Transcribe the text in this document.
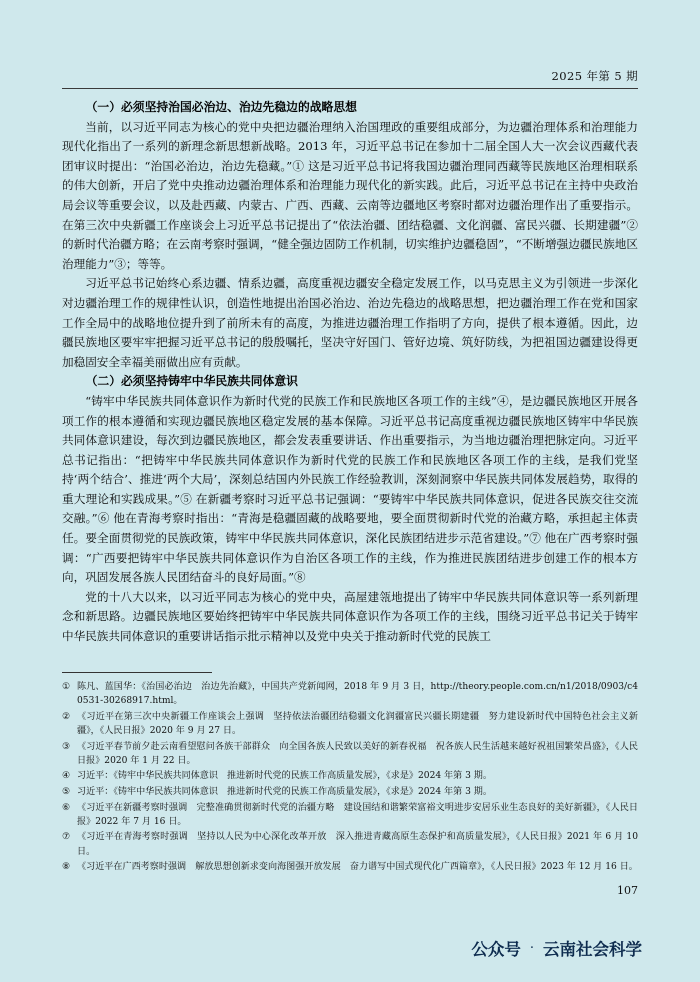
2025 年第 5 期

（一）必须坚持治国必治边、治边先稳边的战略思想

当前，以习近平同志为核心的党中央把边疆治理纳入治国理政的重要组成部分，为边疆治理体系和治理能力现代化指出了一系列的新理念新思想新战略。2013 年，习近平总书记在参加十二届全国人大一次会议西藏代表团审议时提出：“治国必治边，治边先稳藏。”① 这是习近平总书记将我国边疆治理同西藏等民族地区治理相联系的伟大创新，开启了党中央推动边疆治理体系和治理能力现代化的新实践。此后，习近平总书记在主持中央政治局会议等重要会议，以及赴西藏、内蒙古、广西、西藏、云南等边疆地区考察时都对边疆治理作出了重要指示。在第三次中央新疆工作座谈会上习近平总书记提出了“依法治疆、团结稳疆、文化润疆、富民兴疆、长期建疆”② 的新时代治疆方略；在云南考察时强调，“健全强边固防工作机制，切实维护边疆稳固”，“不断增强边疆民族地区治理能力”③；等等。

习近平总书记始终心系边疆、情系边疆，高度重视边疆安全稳定发展工作，以马克思主义为引领进一步深化对边疆治理工作的规律性认识，创造性地提出治国必治边、治边先稳边的战略思想，把边疆治理工作在党和国家工作全局中的战略地位提升到了前所未有的高度，为推进边疆治理工作指明了方向，提供了根本遵循。因此，边疆民族地区要牢牢把握习近平总书记的殷殷嘱托，坚决守好国门、管好边境、筑好防线，为把祖国边疆建设得更加稳固安全幸福美丽做出应有贡献。

（二）必须坚持铸牢中华民族共同体意识

“铸牢中华民族共同体意识作为新时代党的民族工作和民族地区各项工作的主线”④，是边疆民族地区开展各项工作的根本遵循和实现边疆民族地区稳定发展的基本保障。习近平总书记高度重视边疆民族地区铸牢中华民族共同体意识建设，每次到边疆民族地区，都会发表重要讲话、作出重要指示，为当地边疆治理把脉定向。习近平总书记指出：“把铸牢中华民族共同体意识作为新时代党的民族工作和民族地区各项工作的主线，是我们党坚持‘两个结合’、推进‘两个大局’，深刻总结国内外民族工作经验教训，深刻洞察中华民族共同体发展趋势，取得的重大理论和实践成果。”⑤ 在新疆考察时习近平总书记强调：“要铸牢中华民族共同体意识，促进各民族交往交流交融。”⑥ 他在青海考察时指出：“青海是稳疆固藏的战略要地，要全面贯彻新时代党的治藏方略，承担起主体责任。要全面贯彻党的民族政策，铸牢中华民族共同体意识，深化民族团结进步示范省建设。”⑦ 他在广西考察时强调：“广西要把铸牢中华民族共同体意识作为自治区各项工作的主线，作为推进民族团结进步创建工作的根本方向，巩固发展各族人民团结奋斗的良好局面。”⑧

党的十八大以来，以习近平同志为核心的党中央，高屋建瓴地提出了铸牢中华民族共同体意识等一系列新理念和新思路。边疆民族地区要始终把铸牢中华民族共同体意识作为各项工作的主线，围绕习近平总书记关于铸牢中华民族共同体意识的重要讲话指示批示精神以及党中央关于推动新时代党的民族工

① 陈凡、蓝国华：《治国必治边　治边先治藏》，中国共产党新闻网，2018 年 9 月 3 日，http://theory.people.com.cn/n1/2018/0903/c40531-30268917.html。
② 《习近平在第三次中央新疆工作座谈会上强调　坚持依法治疆团结稳疆文化润疆富民兴疆长期建疆　努力建设新时代中国特色社会主义新疆》，《人民日报》2020 年 9 月 27 日。
③ 《习近平春节前夕赴云南看望慰问各族干部群众　向全国各族人民致以美好的新春祝福　祝各族人民生活越来越好祝祖国繁荣昌盛》，《人民日报》2020 年 1 月 22 日。
④ 习近平：《铸牢中华民族共同体意识　推进新时代党的民族工作高质量发展》，《求是》2024 年第 3 期。
⑤ 习近平：《铸牢中华民族共同体意识　推进新时代党的民族工作高质量发展》，《求是》2024 年第 3 期。
⑥ 《习近平在新疆考察时强调　完整准确贯彻新时代党的治疆方略　建设国结和谐繁荣富裕文明进步安居乐业生态良好的美好新疆》，《人民日报》2022 年 7 月 16 日。
⑦ 《习近平在青海考察时强调　坚持以人民为中心深化改革开放　深入推进青藏高原生态保护和高质量发展》，《人民日报》2021 年 6 月 10 日。
⑧ 《习近平在广西考察时强调　解放思想创新求变向海图强开放发展　奋力谱写中国式现代化广西篇章》，《人民日报》2023 年 12 月 16 日。
107
公众号 · 云南社会科学
